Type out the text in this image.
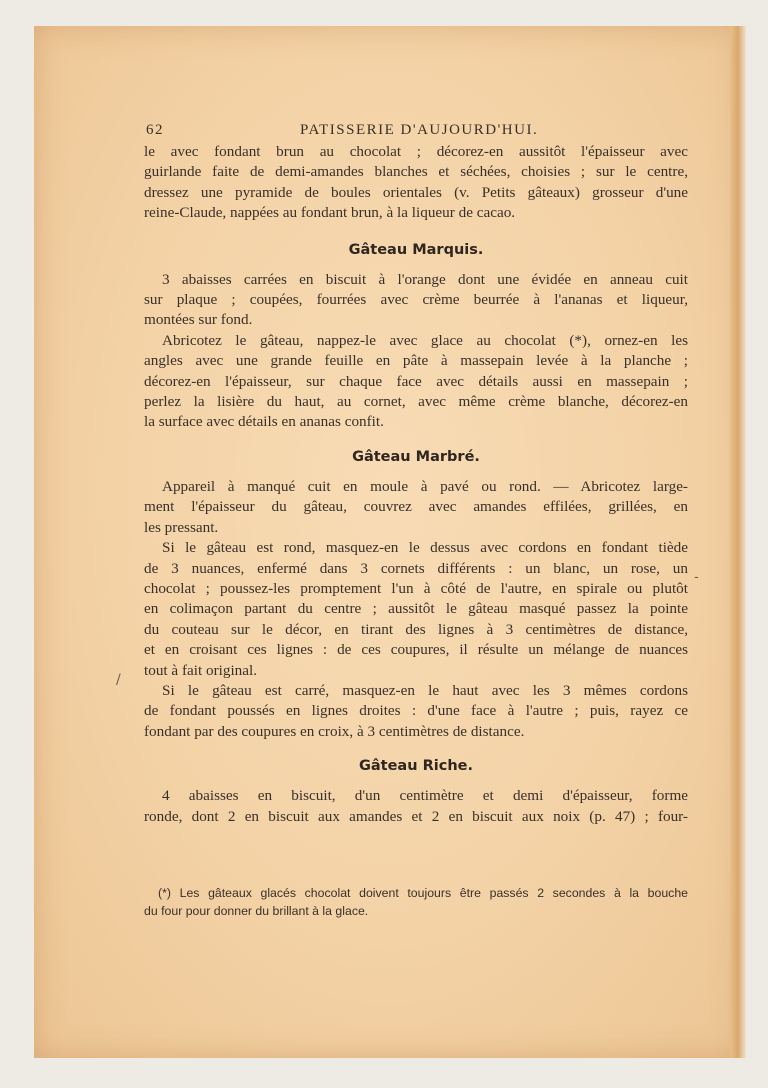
-
/
62	PATISSERIE D'AUJOURD'HUI.

le avec fondant brun au chocolat ; décorez-en aussitôt l'épaisseur avec
guirlande faite de demi-amandes blanches et séchées, choisies ; sur le centre,
dressez une pyramide de boules orientales (v. Petits gâteaux) grosseur d'une
reine-Claude, nappées au fondant brun, à la liqueur de cacao.

Gâteau Marquis.

3 abaisses carrées en biscuit à l'orange dont une évidée en anneau cuit
sur plaque ; coupées, fourrées avec crème beurrée à l'ananas et liqueur,
montées sur fond.

Abricotez le gâteau, nappez-le avec glace au chocolat (*), ornez-en les
angles avec une grande feuille en pâte à massepain levée à la planche ;
décorez-en l'épaisseur, sur chaque face avec détails aussi en massepain ;
perlez la lisière du haut, au cornet, avec même crème blanche, décorez-en
la surface avec détails en ananas confit.

Gâteau Marbré.

Appareil à manqué cuit en moule à pavé ou rond. — Abricotez large-
ment l'épaisseur du gâteau, couvrez avec amandes effilées, grillées, en
les pressant.

Si le gâteau est rond, masquez-en le dessus avec cordons en fondant tiède
de 3 nuances, enfermé dans 3 cornets différents : un blanc, un rose, un
chocolat ; poussez-les promptement l'un à côté de l'autre, en spirale ou plutôt
en colimaçon partant du centre ; aussitôt le gâteau masqué passez la pointe
du couteau sur le décor, en tirant des lignes à 3 centimètres de distance,
et en croisant ces lignes : de ces coupures, il résulte un mélange de nuances
tout à fait original.

Si le gâteau est carré, masquez-en le haut avec les 3 mêmes cordons
de fondant poussés en lignes droites : d'une face à l'autre ; puis, rayez ce
fondant par des coupures en croix, à 3 centimètres de distance.

Gâteau Riche.

4 abaisses en biscuit, d'un centimètre et demi d'épaisseur, forme
ronde, dont 2 en biscuit aux amandes et 2 en biscuit aux noix (p. 47) ; four-

(*) Les gâteaux glacés chocolat doivent toujours être passés 2 secondes à la bouche

du four pour donner du brillant à la glace.
